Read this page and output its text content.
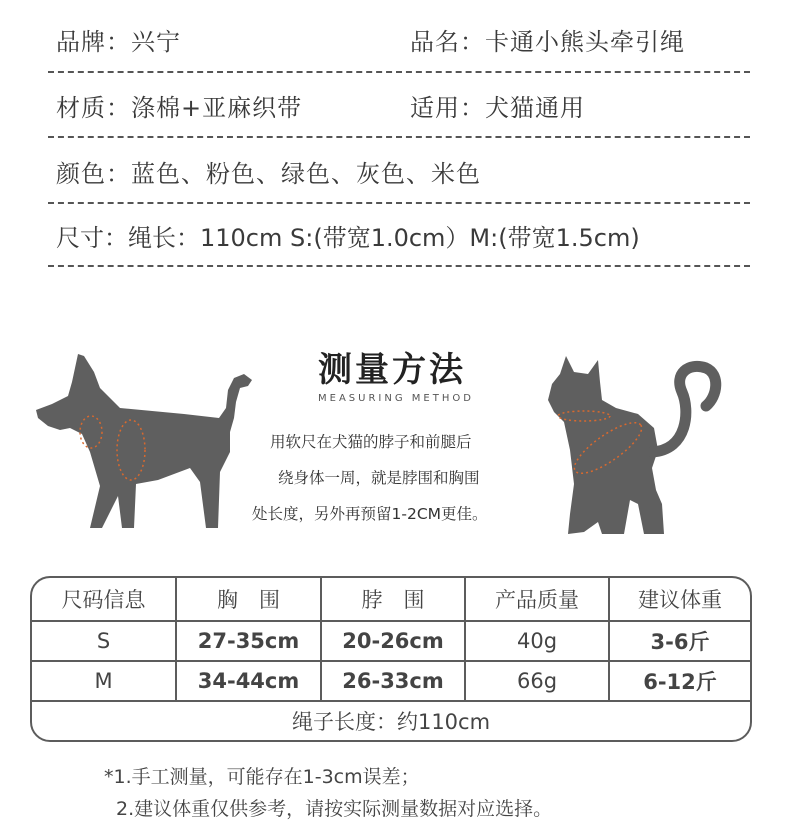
品牌：兴宁	品名：卡通小熊头牵引绳
材质：涤棉+亚麻织带	适用：犬猫通用
颜色：蓝色、粉色、绿色、灰色、米色
尺寸：绳长：110cm S:(带宽1.0cm）M:(带宽1.5cm)
测量方法
MEASURING METHOD
用软尺在犬猫的脖子和前腿后
绕身体一周，就是脖围和胸围
处长度，另外再预留1-2CM更佳。
尺码信息	胸　围	脖　围	产品质量	建议体重
S	27-35cm	20-26cm	40g	3-6斤
M	34-44cm	26-33cm	66g	6-12斤
绳子长度：约110cm
*1.手工测量，可能存在1-3cm误差；
2.建议体重仅供参考，请按实际测量数据对应选择。
